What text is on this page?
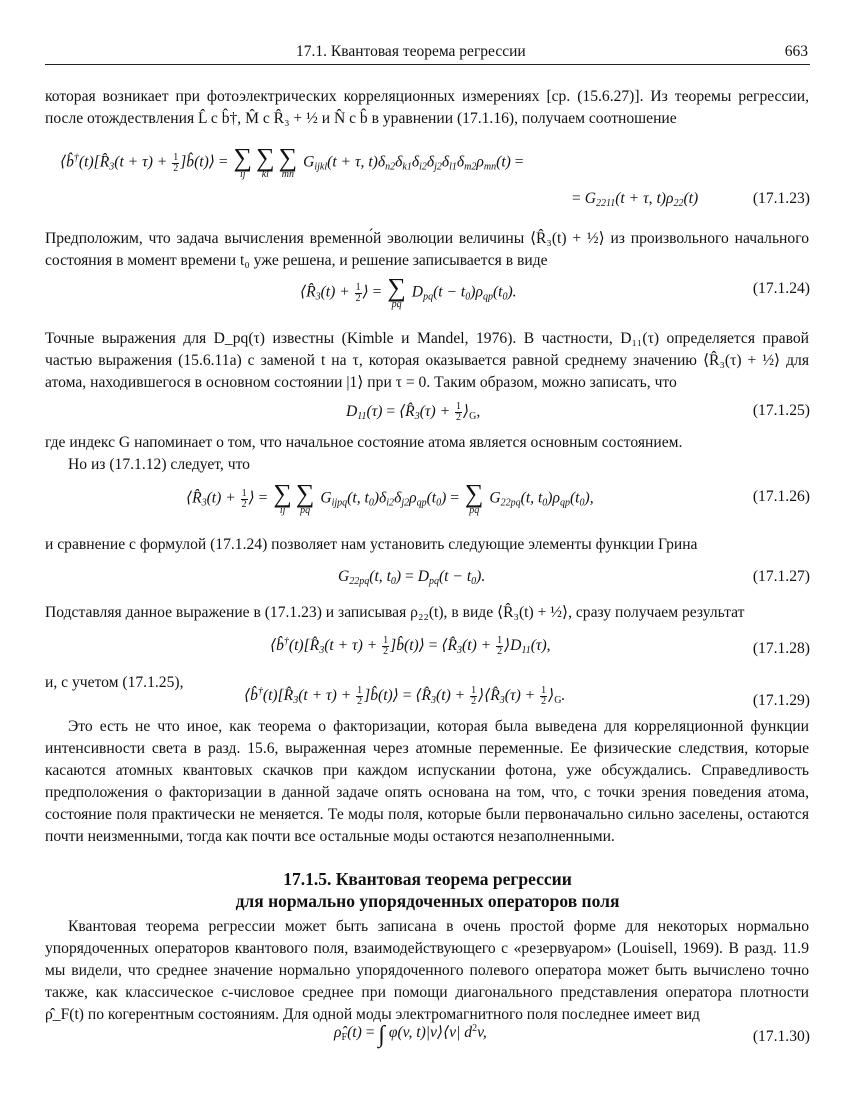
17.1. Квантовая теорема регрессии	663
которая возникает при фотоэлектрических корреляционных измерениях [ср. (15.6.27)]. Из теоремы регрессии, после отождествления L̂ с b̂†, M̂ с R̂₃ + ½ и N̂ с b̂ в уравнении (17.1.16), получаем соотношение
$⟨b̂^\dagger(t)[R̂_3(t + \tau) + \frac{1}{2}$ ]b̂(t)⟩ = ∑
ij
∑
kl
∑
mn
$G_{ijkl}(t + \tau$, $t)\delta_{n2}\delta_{k1}\delta_{i2}\delta_{j2}\delta_{l1}\delta_{m2}\rho_{mn}(t)$ =
= $G_{2211}(t + \tau$, $t)\rho_{22}(t)$	(17.1.23)
Предположим, что задача вычисления временно́й эволюции величины ⟨R̂₃(t) + ½⟩ из произвольного начального состояния в момент времени t₀ уже решена, и решение записывается в виде
$⟨R̂_3(t) + \frac{1}{2}$ ⟩ = ∑
pq
$D_{pq}(t - t_0)\rho_{qp}(t_0)$.	(17.1.24)
Точные выражения для D_pq(τ) известны (Kimble и Mandel, 1976). В частности, D₁₁(τ) определяется правой частью выражения (15.6.11a) с заменой t на τ, которая оказывается равной среднему значению ⟨R̂₃(τ) + ½⟩ для атома, находившегося в основном состоянии |1⟩ при τ = 0. Таким образом, можно записать, что
$D_{11}(\tau)$ = $⟨R̂_3(\tau) + \frac{1}{2}$ $⟩_G$,	(17.1.25)
где индекс G напоминает о том, что начальное состояние атома является основным состоянием.
Но из (17.1.12) следует, что
$⟨R̂_3(t) + \frac{1}{2}$ ⟩ = ∑
ij
∑
pq
$G_{ijpq}(t$, $t_0)\delta_{i2}\delta_{j2}\rho_{qp}(t_0)$ = ∑
pq
$G_{22pq}(t$, $t_0)\rho_{qp}(t_0)$,	(17.1.26)
и сравнение с формулой (17.1.24) позволяет нам установить следующие элементы функции Грина
$G_{22pq}(t$, $t_0) = D_{pq}(t - t_0)$.	(17.1.27)
Подставляя данное выражение в (17.1.23) и записывая ρ₂₂(t), в виде ⟨R̂₃(t) + ½⟩, сразу получаем результат
$⟨b̂^\dagger(t)[R̂_3(t + \tau) + \frac{1}{2}$ ]b̂(t)⟩ = $⟨R̂_3(t) + \frac{1}{2}$ $⟩D_{11}(\tau)$,	(17.1.28)
и, с учетом (17.1.25),
$⟨b̂^\dagger(t)[R̂_3(t + \tau) + \frac{1}{2}$ ]b̂(t)⟩ = $⟨R̂_3(t) + \frac{1}{2}$ $⟩⟨R̂_3(\tau) + \frac{1}{2}$ $⟩_G$.	(17.1.29)
Это есть не что иное, как теорема о факторизации, которая была выведена для корреляционной функции интенсивности света в разд. 15.6, выраженная через атомные переменные. Ее физические следствия, которые касаются атомных квантовых скачков при каждом испускании фотона, уже обсуждались. Справедливость предположения о факторизации в данной задаче опять основана на том, что, с точки зрения поведения атома, состояние поля практически не меняется. Те моды поля, которые были первоначально сильно заселены, остаются почти неизменными, тогда как почти все остальные моды остаются незаполненными.
17.1.5. Квантовая теорема регрессии
для нормально упорядоченных операторов поля
Квантовая теорема регрессии может быть записана в очень простой форме для некоторых нормально упорядоченных операторов квантового поля, взаимодействующего с «резервуаром» (Louisell, 1969). В разд. 11.9 мы видели, что среднее значение нормально упорядоченного полевого оператора может быть вычислено точно также, как классическое c-числовое среднее при помощи диагонального представления оператора плотности ρ̂_F(t) по когерентным состояниям. Для одной моды электромагнитного поля последнее имеет вид
$\rhô_F(t)$ = ∫ φ(v, t)|v⟩⟨v| $d^2v$,	(17.1.30)
